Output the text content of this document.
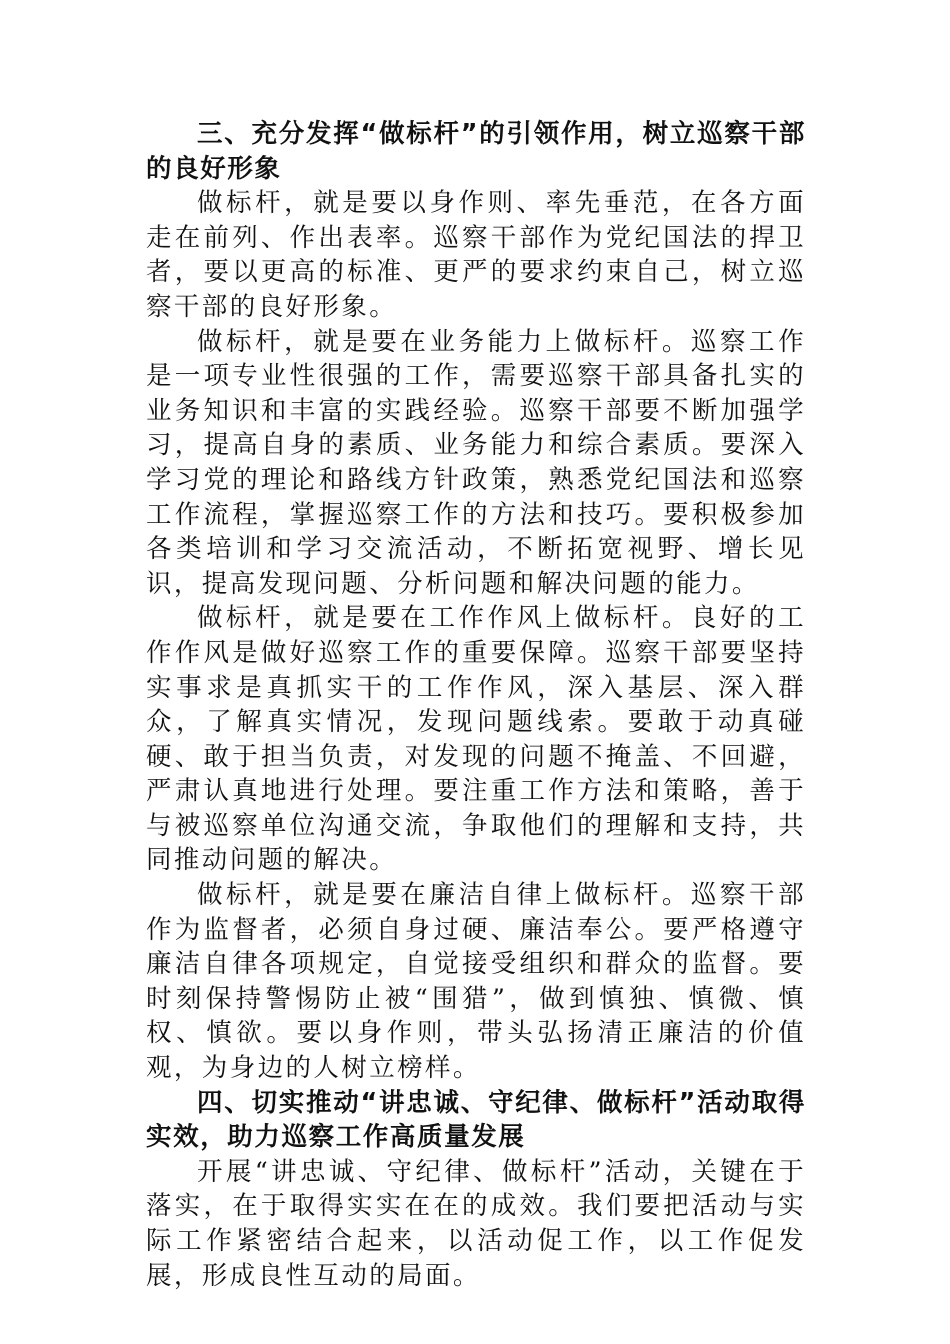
三、充分发挥“做标杆”的引领作用，树立巡察干部的良好形象

做标杆，就是要以身作则、率先垂范，在各方面走在前列、作出表率。巡察干部作为党纪国法的捍卫者，要以更高的标准、更严的要求约束自己，树立巡察干部的良好形象。

做标杆，就是要在业务能力上做标杆。巡察工作是一项专业性很强的工作，需要巡察干部具备扎实的业务知识和丰富的实践经验。巡察干部要不断加强学习，提高自身的素质、业务能力和综合素质。要深入学习党的理论和路线方针政策，熟悉党纪国法和巡察工作流程，掌握巡察工作的方法和技巧。要积极参加各类培训和学习交流活动，不断拓宽视野、增长见识，提高发现问题、分析问题和解决问题的能力。

做标杆，就是要在工作作风上做标杆。良好的工作作风是做好巡察工作的重要保障。巡察干部要坚持实事求是真抓实干的工作作风，深入基层、深入群众，了解真实情况，发现问题线索。要敢于动真碰硬、敢于担当负责，对发现的问题不掩盖、不回避，严肃认真地进行处理。要注重工作方法和策略，善于与被巡察单位沟通交流，争取他们的理解和支持，共同推动问题的解决。

做标杆，就是要在廉洁自律上做标杆。巡察干部作为监督者，必须自身过硬、廉洁奉公。要严格遵守廉洁自律各项规定，自觉接受组织和群众的监督。要时刻保持警惕防止被“围猎”，做到慎独、慎微、慎权、慎欲。要以身作则，带头弘扬清正廉洁的价值观，为身边的人树立榜样。

四、切实推动“讲忠诚、守纪律、做标杆”活动取得实效，助力巡察工作高质量发展

开展“讲忠诚、守纪律、做标杆”活动，关键在于落实，在于取得实实在在的成效。我们要把活动与实际工作紧密结合起来，以活动促工作，以工作促发展，形成良性互动的局面。
